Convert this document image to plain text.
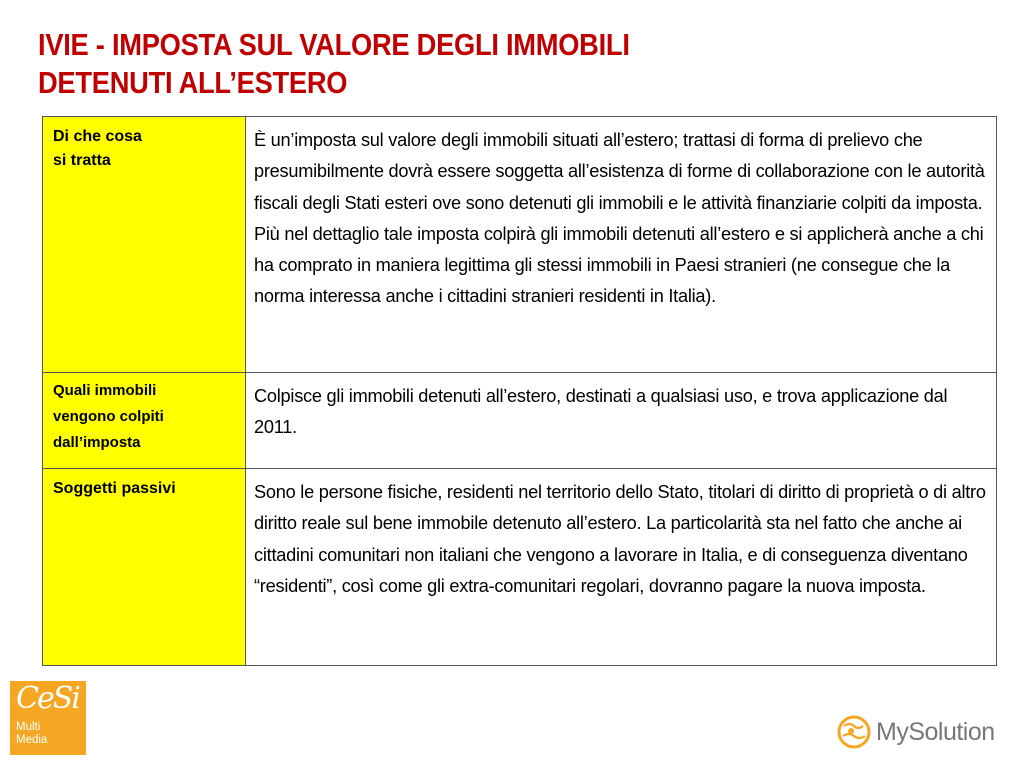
IVIE - IMPOSTA SUL VALORE DEGLI IMMOBILI
DETENUTI ALL’ESTERO
Di che cosa
si tratta	È un’imposta sul valore degli immobili situati all’estero; trattasi di forma di prelievo che presumibilmente dovrà essere soggetta all’esistenza di forme di collaborazione con le autorità fiscali degli Stati esteri ove sono detenuti gli immobili e le attività finanziarie colpiti da imposta. Più nel dettaglio tale imposta colpirà gli immobili detenuti all’estero e si applicherà anche a chi ha comprato in maniera legittima gli stessi immobili in Paesi stranieri (ne consegue che la norma interessa anche i cittadini stranieri residenti in Italia).

Quali immobili
vengono colpiti
dall’imposta	Colpisce gli immobili detenuti all’estero, destinati a qualsiasi uso, e trova applicazione dal 2011.

Soggetti passivi	Sono le persone fisiche, residenti nel territorio dello Stato, titolari di diritto di proprietà o di altro diritto reale sul bene immobile detenuto all’estero. La particolarità sta nel fatto che anche ai cittadini comunitari non italiani che vengono a lavorare in Italia, e di conseguenza diventano “residenti”, così come gli extra-comunitari regolari, dovranno pagare la nuova imposta.
CeSi
Multi
Media	MySolution
